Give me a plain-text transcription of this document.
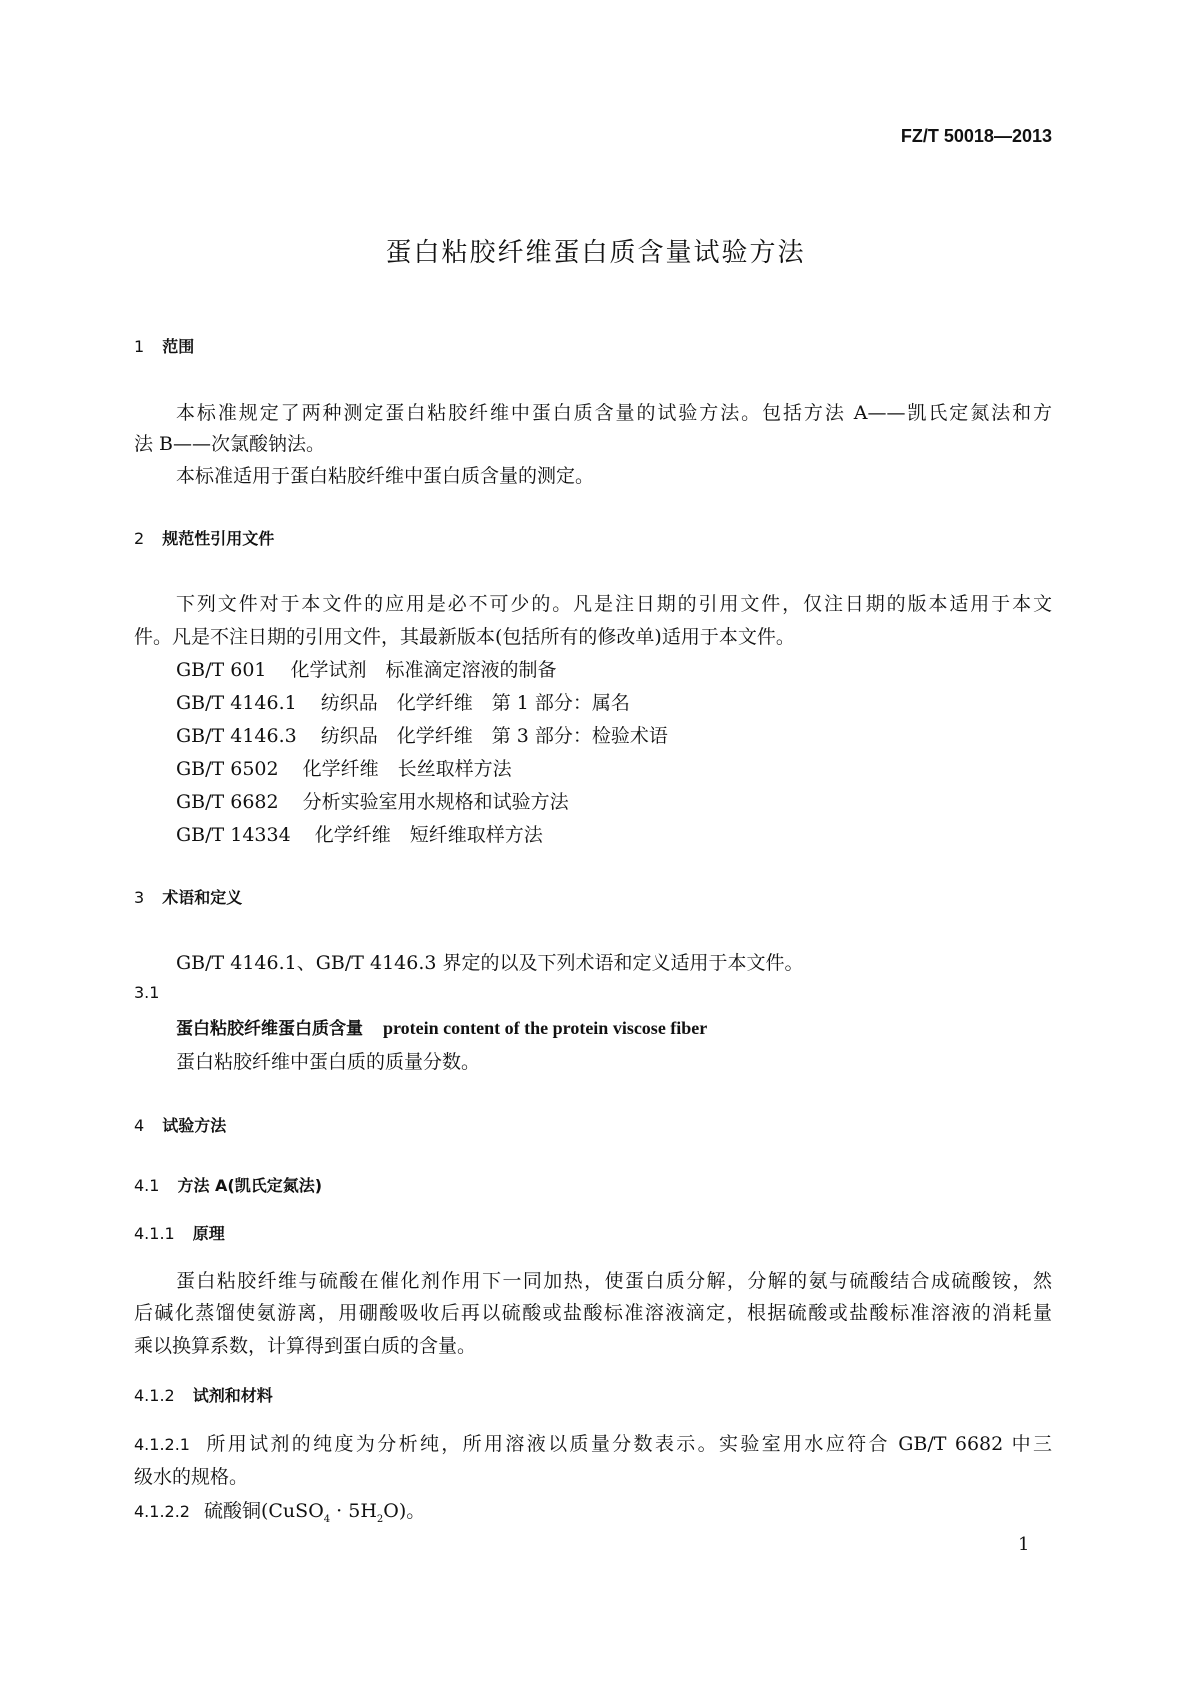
FZ/T 50018—2013
蛋白粘胶纤维蛋白质含量试验方法
1 范围
本标准规定了两种测定蛋白粘胶纤维中蛋白质含量的试验方法。包括方法 A——凯氏定氮法和方
法 B——次氯酸钠法。
本标准适用于蛋白粘胶纤维中蛋白质含量的测定。
2 规范性引用文件
下列文件对于本文件的应用是必不可少的。凡是注日期的引用文件，仅注日期的版本适用于本文
件。凡是不注日期的引用文件，其最新版本(包括所有的修改单)适用于本文件。
GB/T 601 化学试剂　标准滴定溶液的制备
GB/T 4146.1 纺织品　化学纤维　第 1 部分：属名
GB/T 4146.3 纺织品　化学纤维　第 3 部分：检验术语
GB/T 6502 化学纤维　长丝取样方法
GB/T 6682 分析实验室用水规格和试验方法
GB/T 14334 化学纤维　短纤维取样方法
3 术语和定义
GB/T 4146.1、GB/T 4146.3 界定的以及下列术语和定义适用于本文件。
3.1
蛋白粘胶纤维蛋白质含量 protein content of the protein viscose fiber
蛋白粘胶纤维中蛋白质的质量分数。
4 试验方法
4.1 方法 A(凯氏定氮法)
4.1.1 原理
蛋白粘胶纤维与硫酸在催化剂作用下一同加热，使蛋白质分解，分解的氨与硫酸结合成硫酸铵，然
后碱化蒸馏使氨游离，用硼酸吸收后再以硫酸或盐酸标准溶液滴定，根据硫酸或盐酸标准溶液的消耗量
乘以换算系数，计算得到蛋白质的含量。
4.1.2 试剂和材料
4.1.2.1 所用试剂的纯度为分析纯，所用溶液以质量分数表示。实验室用水应符合 GB/T 6682 中三
级水的规格。
4.1.2.2 硫酸铜(CuSO$_4$ · $5H_2O$)。
1
